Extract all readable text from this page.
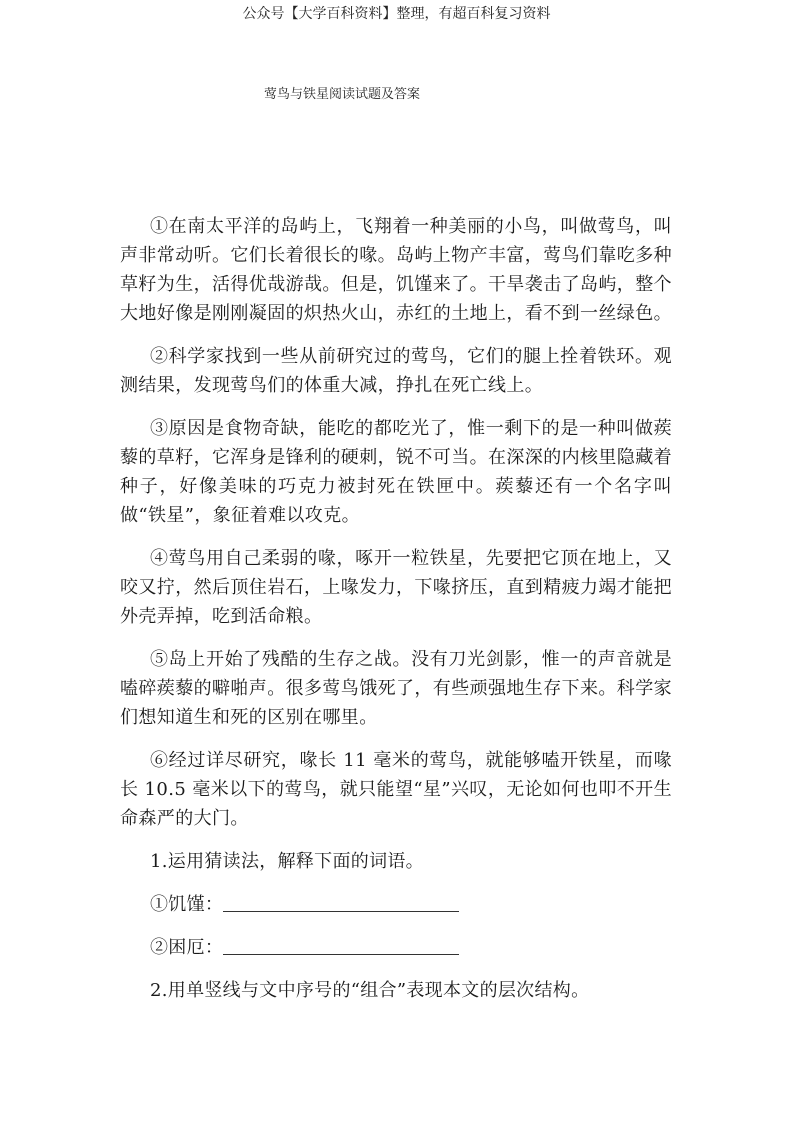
公众号【大学百科资料】整理，有超百科复习资料
莺鸟与铁星阅读试题及答案

①在南太平洋的岛屿上，飞翔着一种美丽的小鸟，叫做莺鸟，叫声非常动听。它们长着很长的喙。岛屿上物产丰富，莺鸟们靠吃多种草籽为生，活得优哉游哉。但是，饥馑来了。干旱袭击了岛屿，整个大地好像是刚刚凝固的炽热火山，赤红的土地上，看不到一丝绿色。

②科学家找到一些从前研究过的莺鸟，它们的腿上拴着铁环。观测结果，发现莺鸟们的体重大减，挣扎在死亡线上。

③原因是食物奇缺，能吃的都吃光了，惟一剩下的是一种叫做蒺藜的草籽，它浑身是锋利的硬刺，锐不可当。在深深的内核里隐藏着种子，好像美味的巧克力被封死在铁匣中。蒺藜还有一个名字叫做“铁星”，象征着难以攻克。

④莺鸟用自己柔弱的喙，啄开一粒铁星，先要把它顶在地上，又咬又拧，然后顶住岩石，上喙发力，下喙挤压，直到精疲力竭才能把外壳弄掉，吃到活命粮。

⑤岛上开始了残酷的生存之战。没有刀光剑影，惟一的声音就是嗑碎蒺藜的噼啪声。很多莺鸟饿死了，有些顽强地生存下来。科学家们想知道生和死的区别在哪里。

⑥经过详尽研究，喙长 11 毫米的莺鸟，就能够嗑开铁星，而喙长 10.5 毫米以下的莺鸟，就只能望“星”兴叹，无论如何也叩不开生命森严的大门。

1.运用猜读法，解释下面的词语。

①饥馑：

②困厄：

2.用单竖线与文中序号的“组合”表现本文的层次结构。
